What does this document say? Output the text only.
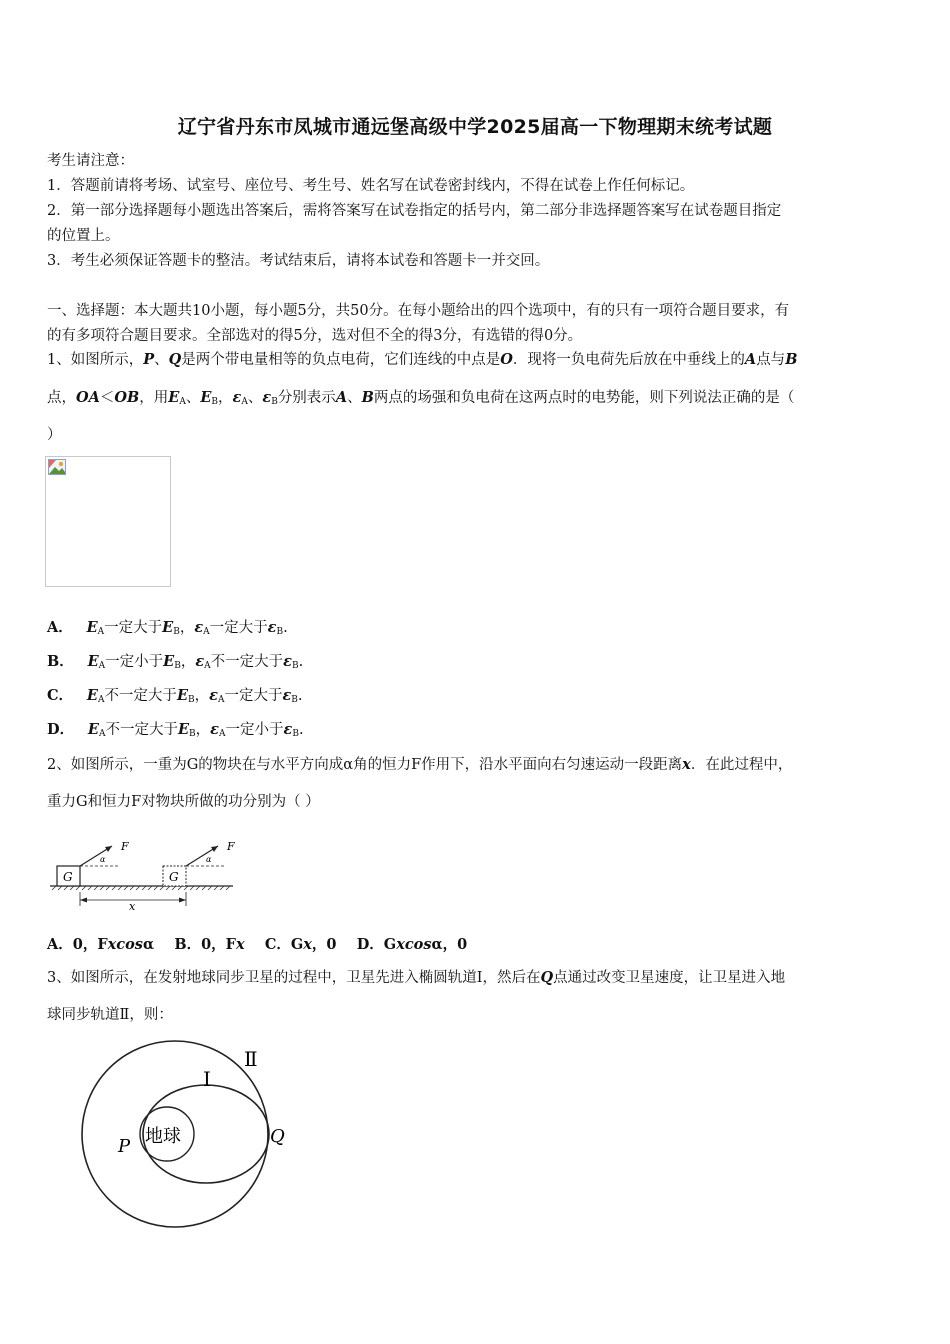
辽宁省丹东市凤城市通远堡高级中学2025届高一下物理期末统考试题
考生请注意：
1．答题前请将考场、试室号、座位号、考生号、姓名写在试卷密封线内，不得在试卷上作任何标记。
2．第一部分选择题每小题选出答案后，需将答案写在试卷指定的括号内，第二部分非选择题答案写在试卷题目指定
的位置上。
3．考生必须保证答题卡的整洁。考试结束后，请将本试卷和答题卡一并交回。
一、选择题：本大题共10小题，每小题5分，共50分。在每小题给出的四个选项中，有的只有一项符合题目要求，有
的有多项符合题目要求。全部选对的得5分，选对但不全的得3分，有选错的得0分。
1、如图所示，P、Q是两个带电量相等的负点电荷，它们连线的中点是O．现将一负电荷先后放在中垂线上的A点与B
点，OA＜OB，用$E_A$、$E_B$，$\varepsilon_A$、$\varepsilon_B$分别表示A、B两点的场强和负电荷在这两点时的电势能，则下列说法正确的是（
）
A． $E_A$一定大于$E_B$，$\varepsilon_A$一定大于$\varepsilon_B$.
B． $E_A$一定小于$E_B$，$\varepsilon_A$不一定大于$\varepsilon_B$.
C． $E_A$不一定大于$E_B$，$\varepsilon_A$一定大于$\varepsilon_B$.
D． $E_A$不一定大于$E_B$，$\varepsilon_A$一定小于$\varepsilon_B$.
2、如图所示，一重为G的物块在与水平方向成α角的恒力F作用下，沿水平面向右匀速运动一段距离x．在此过程中，
重力G和恒力F对物块所做的功分别为（ ）
G
F
α
G
F
α
x
A．0，Fxcosα B．0，Fx C．Gx，0 D．Gxcosα，0
3、如图所示，在发射地球同步卫星的过程中，卫星先进入椭圆轨道Ⅰ，然后在Q点通过改变卫星速度，让卫星进入地
球同步轨道Ⅱ，则：
地球
P	Q
Ⅰ
Ⅱ
